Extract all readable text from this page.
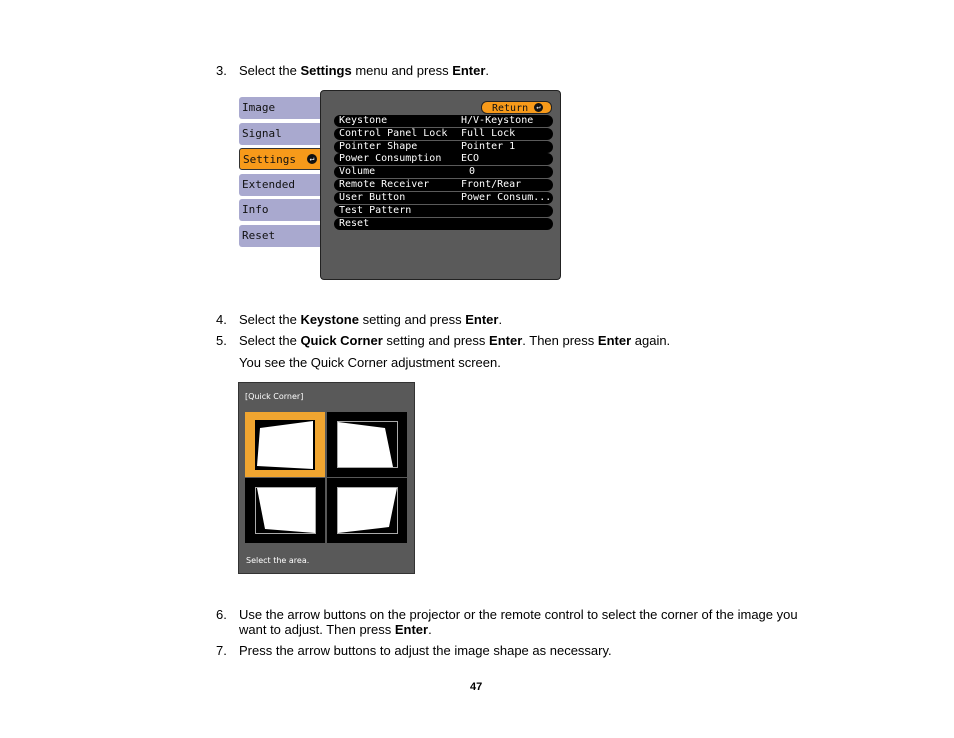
3. Select the Settings menu and press Enter.
Image
Signal
Settings	↵
Extended
Info
Reset
Return	↵
Keystone	H/V-Keystone
Control Panel Lock Full Lock
Pointer Shape	Pointer 1
Power Consumption ECO
Volume	0
Remote Receiver	Front/Rear
User Button	Power Consum...
Test Pattern
Reset
4. Select the Keystone setting and press Enter.
5. Select the Quick Corner setting and press Enter. Then press Enter again.
You see the Quick Corner adjustment screen.
[Quick Corner]
Select the area.
6. Use the arrow buttons on the projector or the remote control to select the corner of the image you
want to adjust. Then press Enter.
7. Press the arrow buttons to adjust the image shape as necessary.
47
